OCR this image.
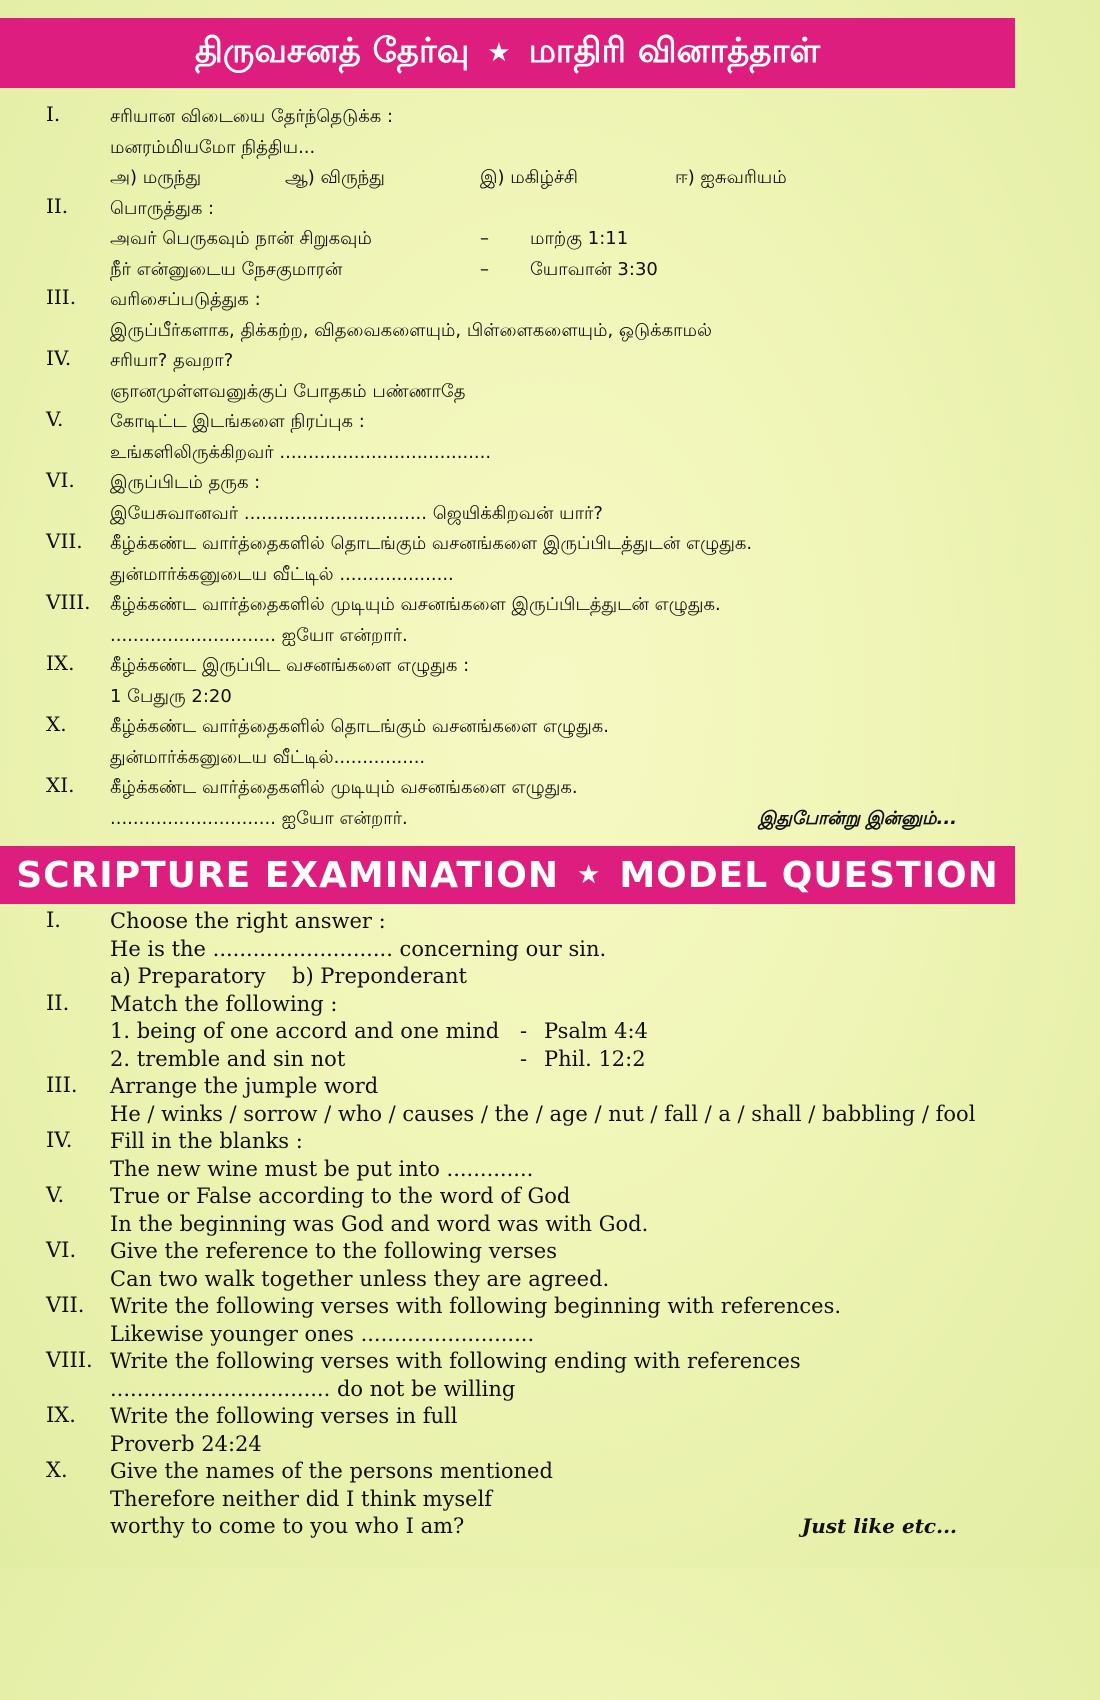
திருவசனத் தேர்வு ★ மாதிரி வினாத்தாள்
I.	சரியான விடையை தேர்ந்தெடுக்க :
மனரம்மியமோ நித்திய...
அ) மருந்து	ஆ) விருந்து	இ) மகிழ்ச்சி	ஈ) ஐசுவரியம்
II. பொருத்துக :
அவர் பெருகவும் நான் சிறுகவும்	–	மாற்கு 1:11
நீர் என்னுடைய நேசகுமாரன்	–	யோவான் 3:30
III. வரிசைப்படுத்துக :
இருப்பீர்களாக, திக்கற்ற, விதவைகளையும், பிள்ளைகளையும், ஒடுக்காமல்
IV. சரியா? தவறா?
ஞானமுள்ளவனுக்குப் போதகம் பண்ணாதே
V.	கோடிட்ட இடங்களை நிரப்புக :
உங்களிலிருக்கிறவர் .....................................
VI. இருப்பிடம் தருக :
இயேசுவானவர் ................................ ஜெயிக்கிறவன் யார்?
VII. கீழ்க்கண்ட வார்த்தைகளில் தொடங்கும் வசனங்களை இருப்பிடத்துடன் எழுதுக.
துன்மார்க்கனுடைய வீட்டில் ....................
VIII. கீழ்க்கண்ட வார்த்தைகளில் முடியும் வசனங்களை இருப்பிடத்துடன் எழுதுக.
............................. ஐயோ என்றார்.
IX. கீழ்க்கண்ட இருப்பிட வசனங்களை எழுதுக :
1 பேதுரு 2:20
X. கீழ்க்கண்ட வார்த்தைகளில் தொடங்கும் வசனங்களை எழுதுக.
துன்மார்க்கனுடைய வீட்டில்................
XI. கீழ்க்கண்ட வார்த்தைகளில் முடியும் வசனங்களை எழுதுக.
............................. ஐயோ என்றார்.	இதுபோன்று இன்னும்...
SCRIPTURE EXAMINATION ★ MODEL QUESTION
I. Choose the right answer :
He is the ........................... concerning our sin.
a) Preparatory	b) Preponderant
II. Match the following :
1. being of one accord and one mind - Psalm 4:4
2. tremble and sin not	- Phil. 12:2
III. Arrange the jumple word
He / winks / sorrow / who / causes / the / age / nut / fall / a / shall / babbling / fool
IV. Fill in the blanks :
The new wine must be put into .............
V. True or False according to the word of God
In the beginning was God and word was with God.
VI. Give the reference to the following verses
Can two walk together unless they are agreed.
VII. Write the following verses with following beginning with references.
Likewise younger ones ..........................
VIII. Write the following verses with following ending with references
................................. do not be willing
IX. Write the following verses in full
Proverb 24:24
X. Give the names of the persons mentioned
Therefore neither did I think myself
worthy to come to you who I am?	Just like etc...
